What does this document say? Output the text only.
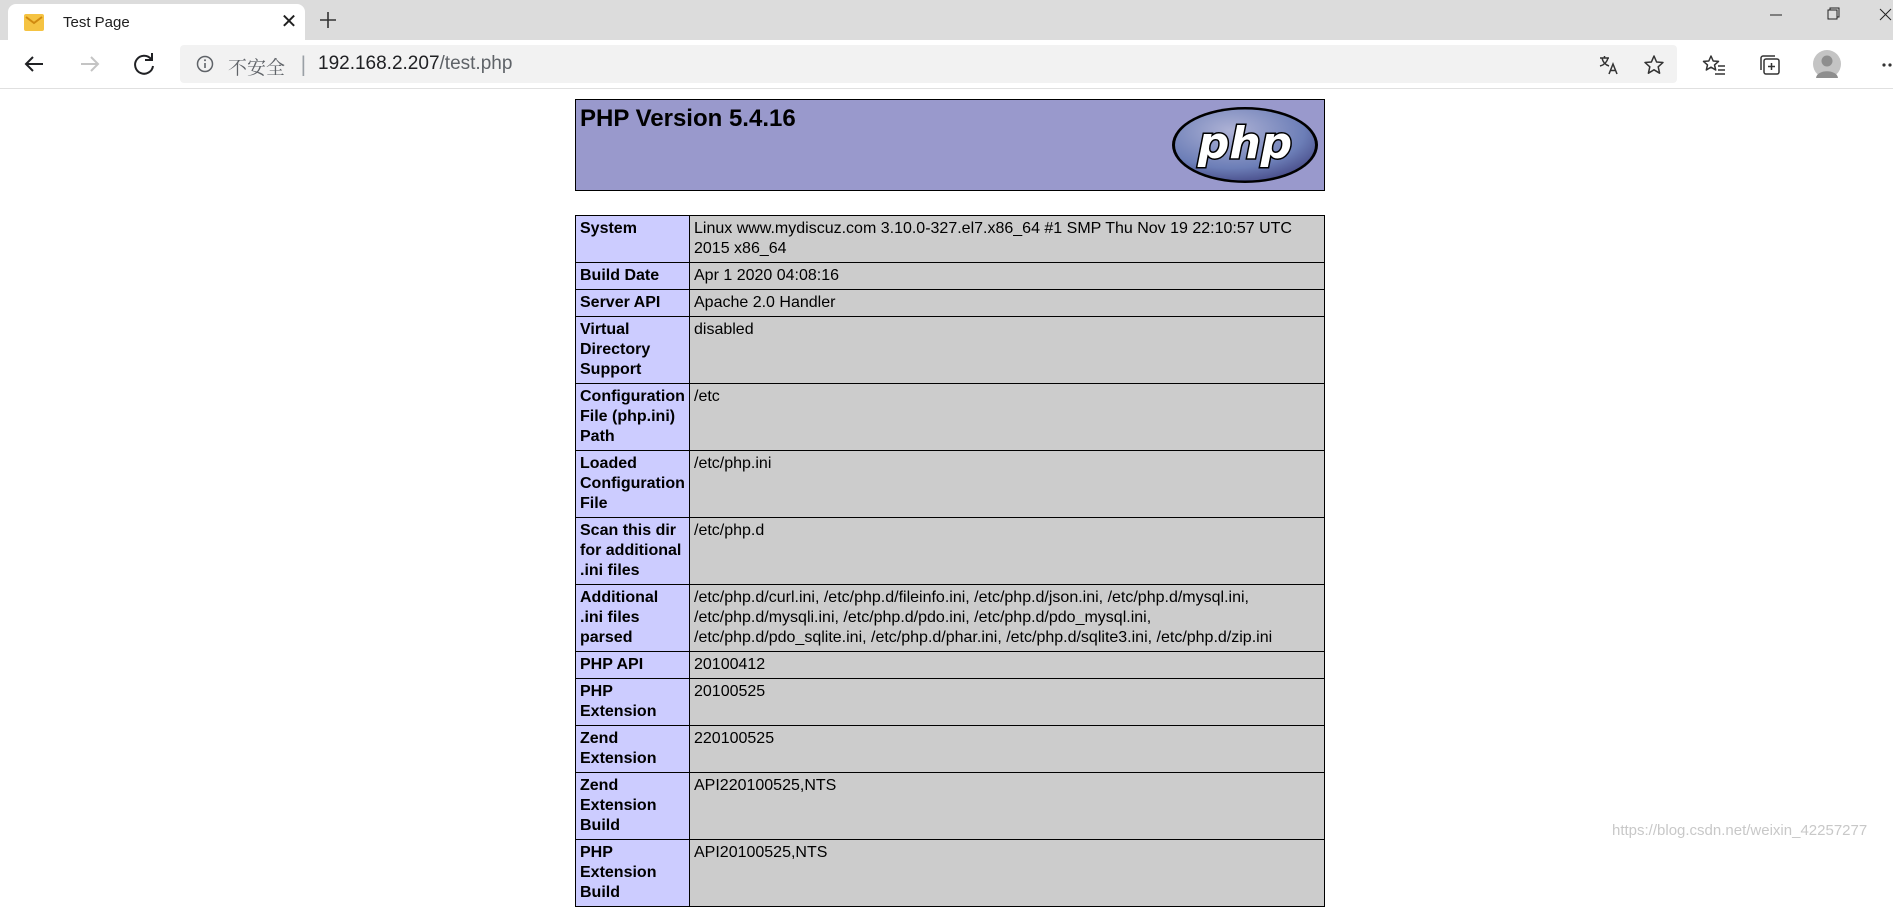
Test Page	✕
不安全 | 192.168.2.207/test.php
PHP Version 5.4.16	php
System	Linux www.mydiscuz.com 3.10.0-327.el7.x86_64 #1 SMP Thu Nov 19 22:10:57 UTC 2015 x86_64
Build Date	Apr 1 2020 04:08:16
Server API	Apache 2.0 Handler
Virtual Directory Support	disabled
Configuration File (php.ini) Path	/etc
Loaded Configuration File	/etc/php.ini
Scan this dir for additional .ini files	/etc/php.d
Additional .ini files parsed	/etc/php.d/curl.ini, /etc/php.d/fileinfo.ini, /etc/php.d/json.ini, /etc/php.d/mysql.ini, /etc/php.d/mysqli.ini, /etc/php.d/pdo.ini, /etc/php.d/pdo_mysql.ini, /etc/php.d/pdo_sqlite.ini, /etc/php.d/phar.ini, /etc/php.d/sqlite3.ini, /etc/php.d/zip.ini
PHP API	20100412
PHP Extension	20100525
Zend Extension	220100525
Zend Extension Build	API220100525,NTS
PHP Extension Build	API20100525,NTS
https://blog.csdn.net/weixin_42257277
